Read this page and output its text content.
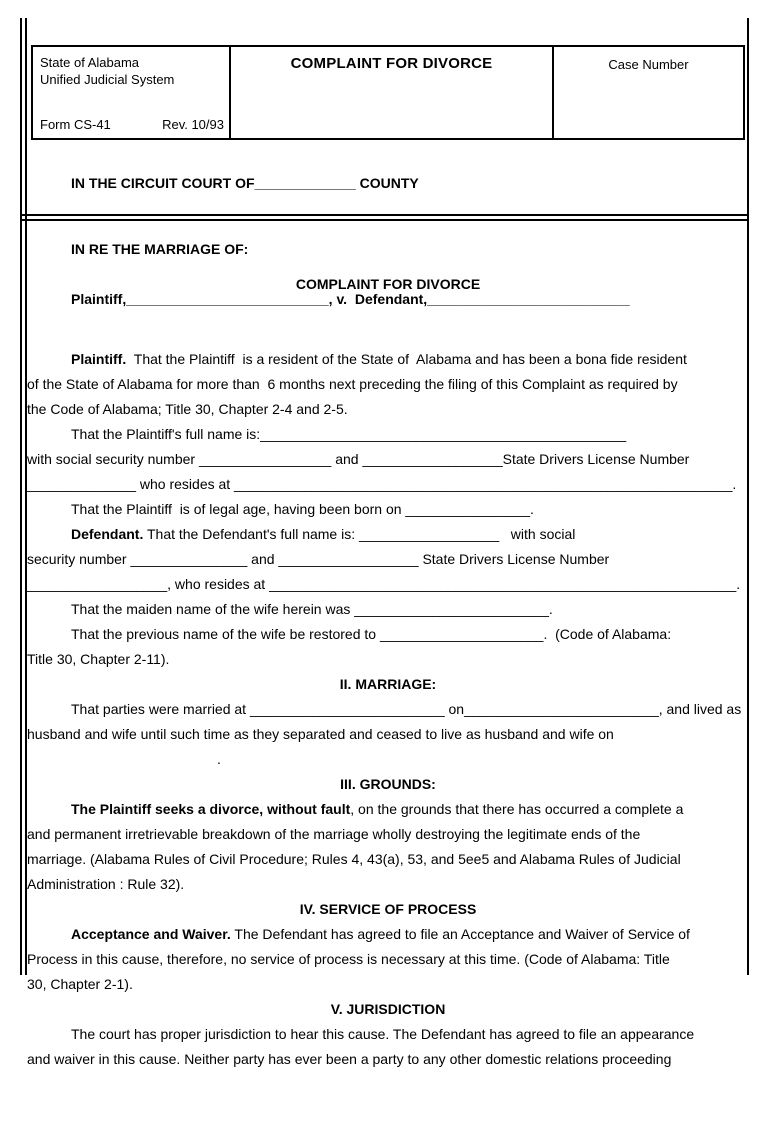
State of Alabama
Unified Judicial System
Form CS-41	Rev. 10/93
COMPLAINT FOR DIVORCE	Case Number

IN THE CIRCUIT COURT OF_____________ COUNTY

IN RE THE MARRIAGE OF:

Plaintiff,__________________________, v.  Defendant,__________________________

COMPLAINT FOR DIVORCE

Plaintiff.  That the Plaintiff  is a resident of the State of  Alabama and has been a bona fide resident
of the State of Alabama for more than  6 months next preceding the filing of this Complaint as required by
the Code of Alabama; Title 30, Chapter 2-4 and 2-5.
That the Plaintiff's full name is:_______________________________________________
with social security number _________________ and __________________State Drivers License Number
______________ who resides at ________________________________________________________________.
That the Plaintiff  is of legal age, having been born on ________________.
Defendant. That the Defendant's full name is: __________________   with social
security number _______________ and __________________ State Drivers License Number
__________________, who resides at ____________________________________________________________.
That the maiden name of the wife herein was _________________________.
That the previous name of the wife be restored to _____________________.  (Code of Alabama:
Title 30, Chapter 2-11).
II. MARRIAGE:
That parties were married at _________________________ on_________________________, and lived as
husband and wife until such time as they separated and ceased to live as husband and wife on
.
III. GROUNDS:
The Plaintiff seeks a divorce, without fault, on the grounds that there has occurred a complete a
and permanent irretrievable breakdown of the marriage wholly destroying the legitimate ends of the
marriage. (Alabama Rules of Civil Procedure; Rules 4, 43(a), 53, and 5ee5 and Alabama Rules of Judicial
Administration : Rule 32).
IV. SERVICE OF PROCESS
Acceptance and Waiver. The Defendant has agreed to file an Acceptance and Waiver of Service of
Process in this cause, therefore, no service of process is necessary at this time. (Code of Alabama: Title
30, Chapter 2-1).
V. JURISDICTION
The court has proper jurisdiction to hear this cause. The Defendant has agreed to file an appearance
and waiver in this cause. Neither party has ever been a party to any other domestic relations proceeding
